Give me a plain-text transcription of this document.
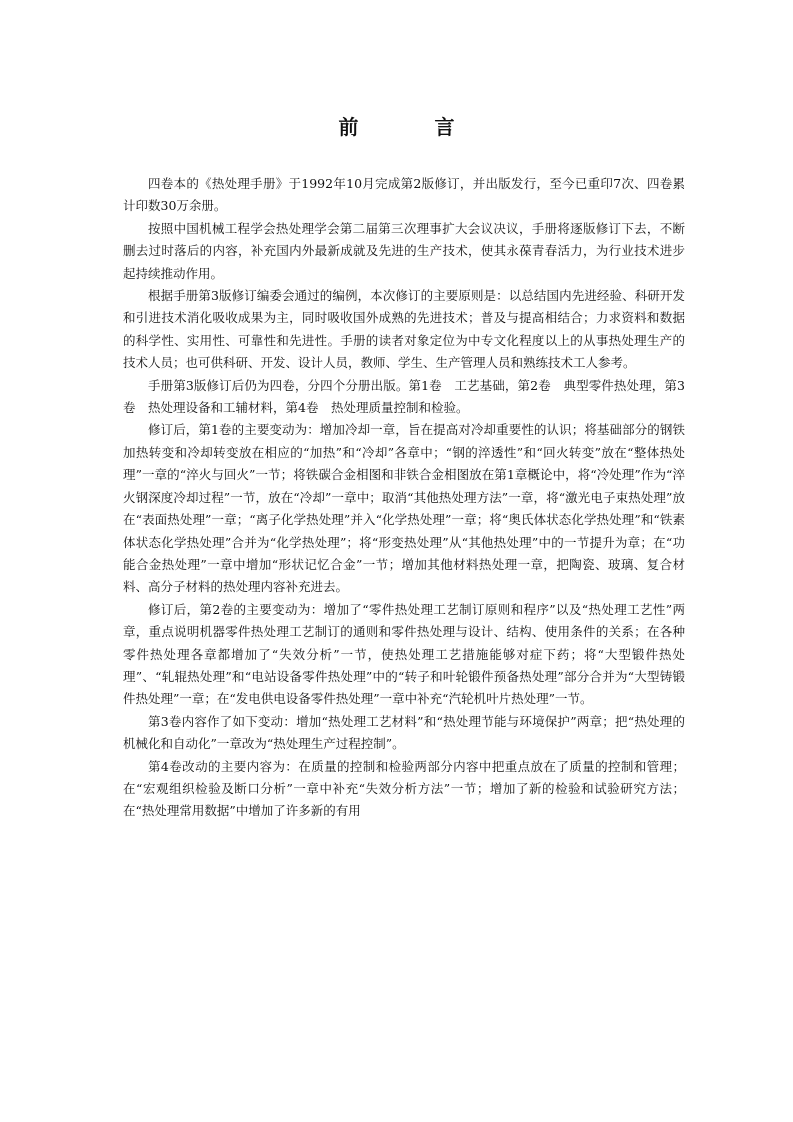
前　言

四卷本的《热处理手册》于1992年10月完成第2版修订，并出版发行，至今已重印7次、四卷累计印数30万余册。

按照中国机械工程学会热处理学会第二届第三次理事扩大会议决议，手册将逐版修订下去，不断删去过时落后的内容，补充国内外最新成就及先进的生产技术，使其永葆青春活力，为行业技术进步起持续推动作用。

根据手册第3版修订编委会通过的编例，本次修订的主要原则是：以总结国内先进经验、科研开发和引进技术消化吸收成果为主，同时吸收国外成熟的先进技术；普及与提高相结合；力求资料和数据的科学性、实用性、可靠性和先进性。手册的读者对象定位为中专文化程度以上的从事热处理生产的技术人员；也可供科研、开发、设计人员，教师、学生、生产管理人员和熟练技术工人参考。

手册第3版修订后仍为四卷，分四个分册出版。第1卷　工艺基础，第2卷　典型零件热处理，第3卷　热处理设备和工辅材料，第4卷　热处理质量控制和检验。

修订后，第1卷的主要变动为：增加冷却一章，旨在提高对冷却重要性的认识；将基础部分的钢铁加热转变和冷却转变放在相应的“加热”和“冷却”各章中；“钢的淬透性”和“回火转变”放在“整体热处理”一章的“淬火与回火”一节；将铁碳合金相图和非铁合金相图放在第1章概论中，将“冷处理”作为“淬火钢深度冷却过程”一节，放在“冷却”一章中；取消“其他热处理方法”一章，将“激光电子束热处理”放在“表面热处理”一章；“离子化学热处理”并入“化学热处理”一章；将“奥氏体状态化学热处理”和“铁素体状态化学热处理”合并为“化学热处理”；将“形变热处理”从“其他热处理”中的一节提升为章；在“功能合金热处理”一章中增加“形状记忆合金”一节；增加其他材料热处理一章，把陶瓷、玻璃、复合材料、高分子材料的热处理内容补充进去。

修订后，第2卷的主要变动为：增加了“零件热处理工艺制订原则和程序”以及“热处理工艺性”两章，重点说明机器零件热处理工艺制订的通则和零件热处理与设计、结构、使用条件的关系；在各种零件热处理各章都增加了“失效分析”一节，使热处理工艺措施能够对症下药；将“大型锻件热处理”、“轧辊热处理”和“电站设备零件热处理”中的“转子和叶轮锻件预备热处理”部分合并为“大型铸锻件热处理”一章；在“发电供电设备零件热处理”一章中补充“汽轮机叶片热处理”一节。

第3卷内容作了如下变动：增加“热处理工艺材料”和“热处理节能与环境保护”两章；把“热处理的机械化和自动化”一章改为“热处理生产过程控制”。

第4卷改动的主要内容为：在质量的控制和检验两部分内容中把重点放在了质量的控制和管理；在“宏观组织检验及断口分析”一章中补充“失效分析方法”一节；增加了新的检验和试验研究方法；在“热处理常用数据”中增加了许多新的有用
